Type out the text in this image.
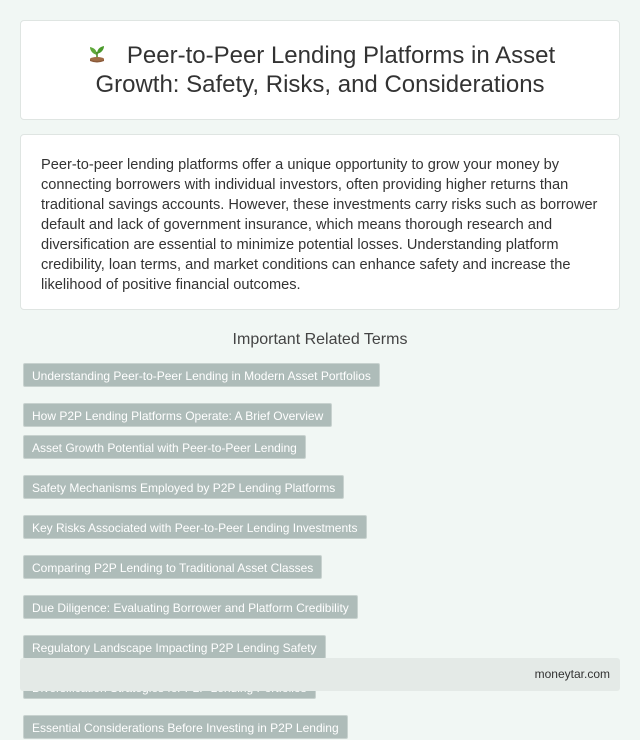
Peer-to-Peer Lending Platforms in Asset Growth: Safety, Risks, and Considerations

Peer-to-peer lending platforms offer a unique opportunity to grow your money by connecting borrowers with individual investors, often providing higher returns than traditional savings accounts. However, these investments carry risks such as borrower default and lack of government insurance, which means thorough research and diversification are essential to minimize potential losses. Understanding platform credibility, loan terms, and market conditions can enhance safety and increase the likelihood of positive financial outcomes.

Important Related Terms
Understanding Peer-to-Peer Lending in Modern Asset Portfolios
How P2P Lending Platforms Operate: A Brief Overview
Asset Growth Potential with Peer-to-Peer Lending
Safety Mechanisms Employed by P2P Lending Platforms
Key Risks Associated with Peer-to-Peer Lending Investments
Comparing P2P Lending to Traditional Asset Classes
Due Diligence: Evaluating Borrower and Platform Credibility
Regulatory Landscape Impacting P2P Lending Safety
Essential Considerations Before Investing in P2P Lending
moneytar.com
